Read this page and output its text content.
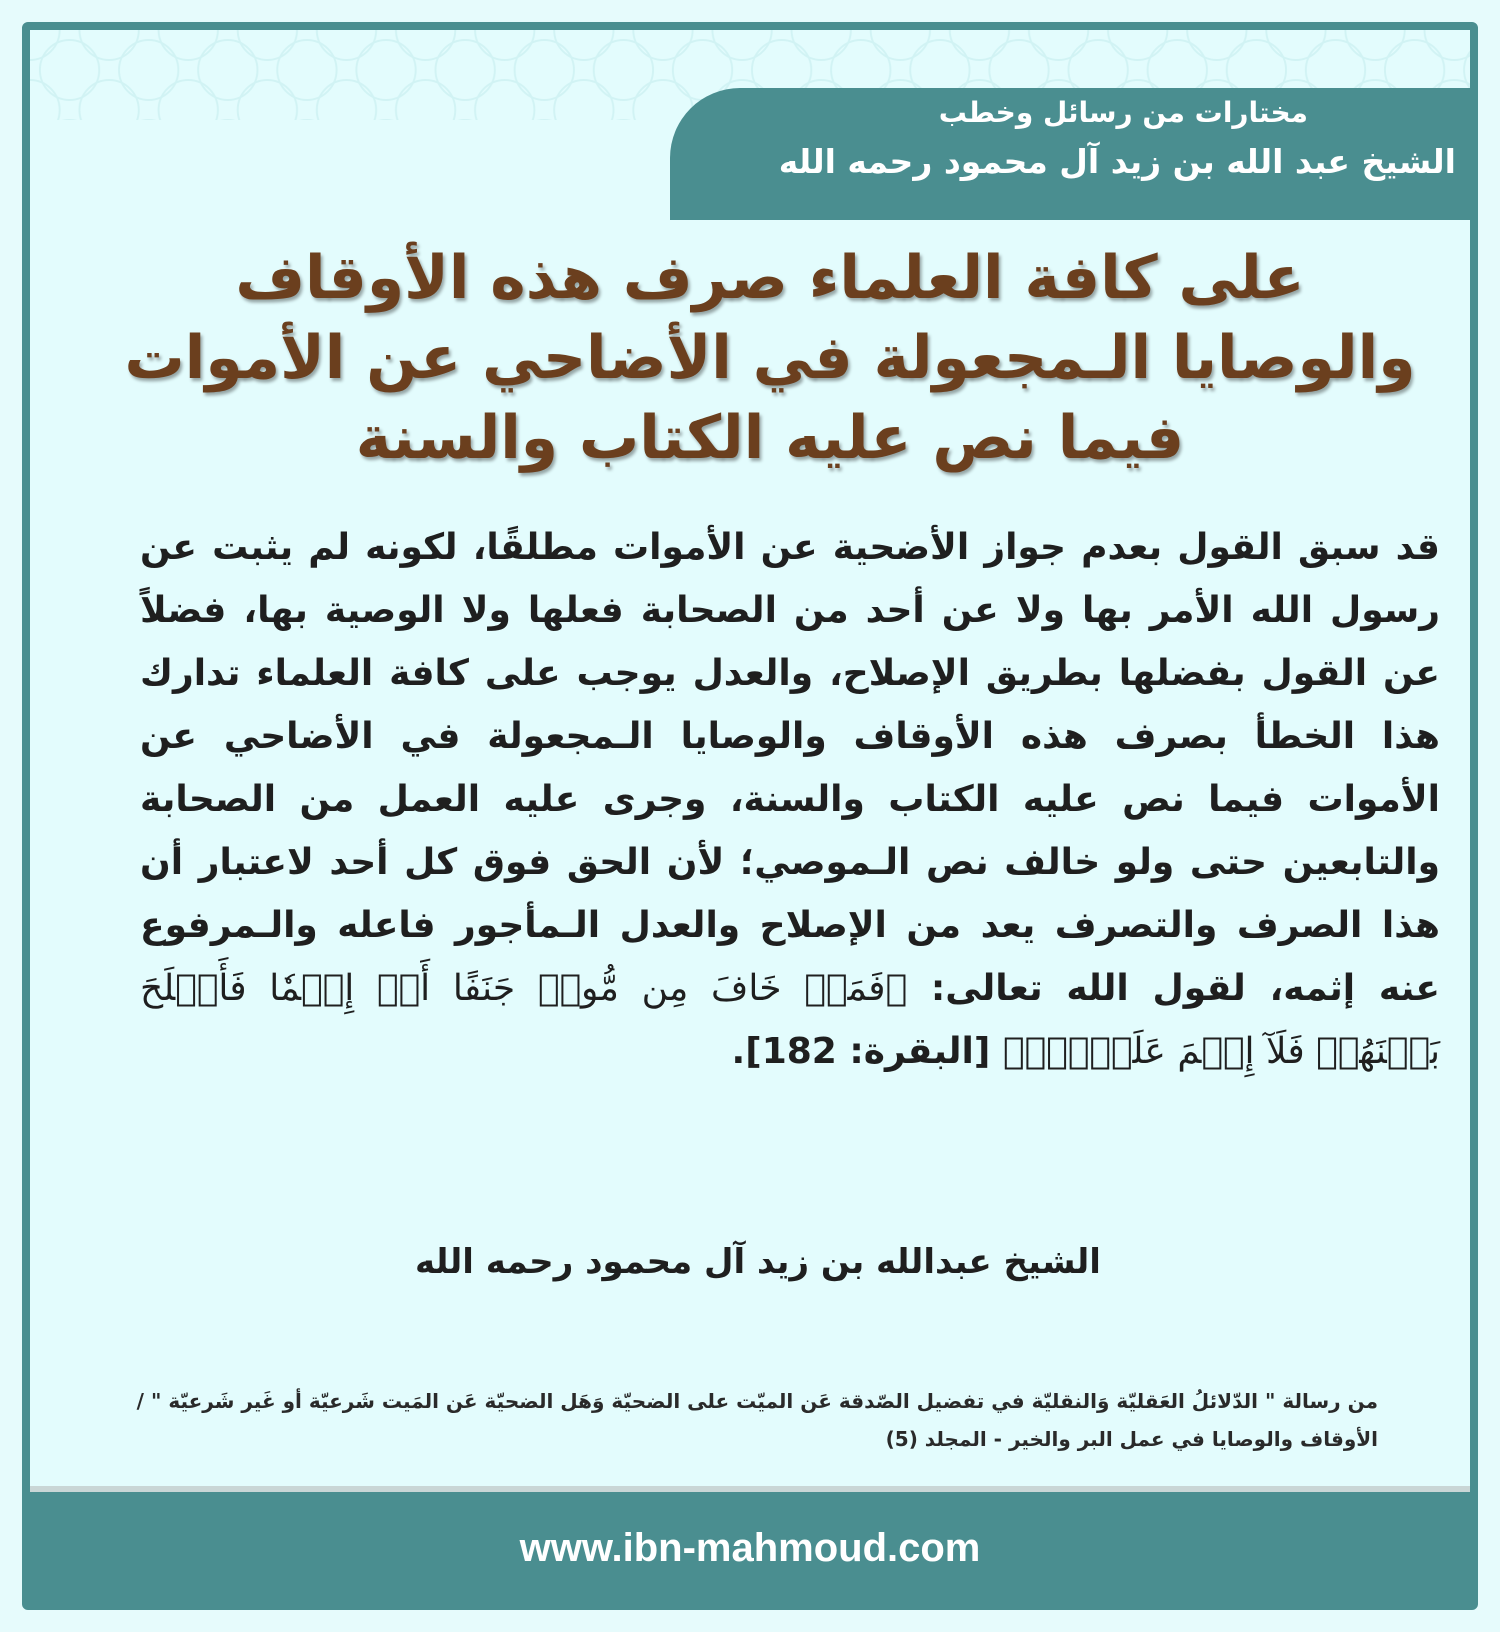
مختارات من رسائل وخطب
الشيخ عبد الله بن زيد آل محمود رحمه الله
على كافة العلماء صرف هذه الأوقاف والوصايا الـمجعولة في الأضاحي عن الأموات فيما نص عليه الكتاب والسنة
قد سبق القول بعدم جواز الأضحية عن الأموات مطلقًا، لكونه لم يثبت عن رسول الله الأمر بها ولا عن أحد من الصحابة فعلها ولا الوصية بها، فضلاً عن القول بفضلها بطريق الإصلاح، والعدل يوجب على كافة العلماء تدارك هذا الخطأ بصرف هذه الأوقاف والوصايا الـمجعولة في الأضاحي عن الأموات فيما نص عليه الكتاب والسنة، وجرى عليه العمل من الصحابة والتابعين حتى ولو خالف نص الـموصي؛ لأن الحق فوق كل أحد لاعتبار أن هذا الصرف والتصرف يعد من الإصلاح والعدل الـمأجور فاعله والـمرفوع عنه إثمه، لقول الله تعالى: ﴿فَمَنۡ خَافَ مِن مُّوصٖ جَنَفًا أَوۡ إِثۡمٗا فَأَصۡلَحَ بَيۡنَهُمۡ فَلَآ إِثۡمَ عَلَيۡهِۚ﴾ [البقرة: 182].
الشيخ عبدالله بن زيد آل محمود رحمه الله
www.ibn-mahmoud.com
من رسالة " الدّلائلُ العَقليّة وَالنقليّة في تفضيل الصّدقة عَن الميّت على الضحيّة وَهَل الضحيّة عَن المَيت شَرعيّة أو غَير شَرعيّة " / الأوقاف والوصايا في عمل البر والخير - المجلد (5)
